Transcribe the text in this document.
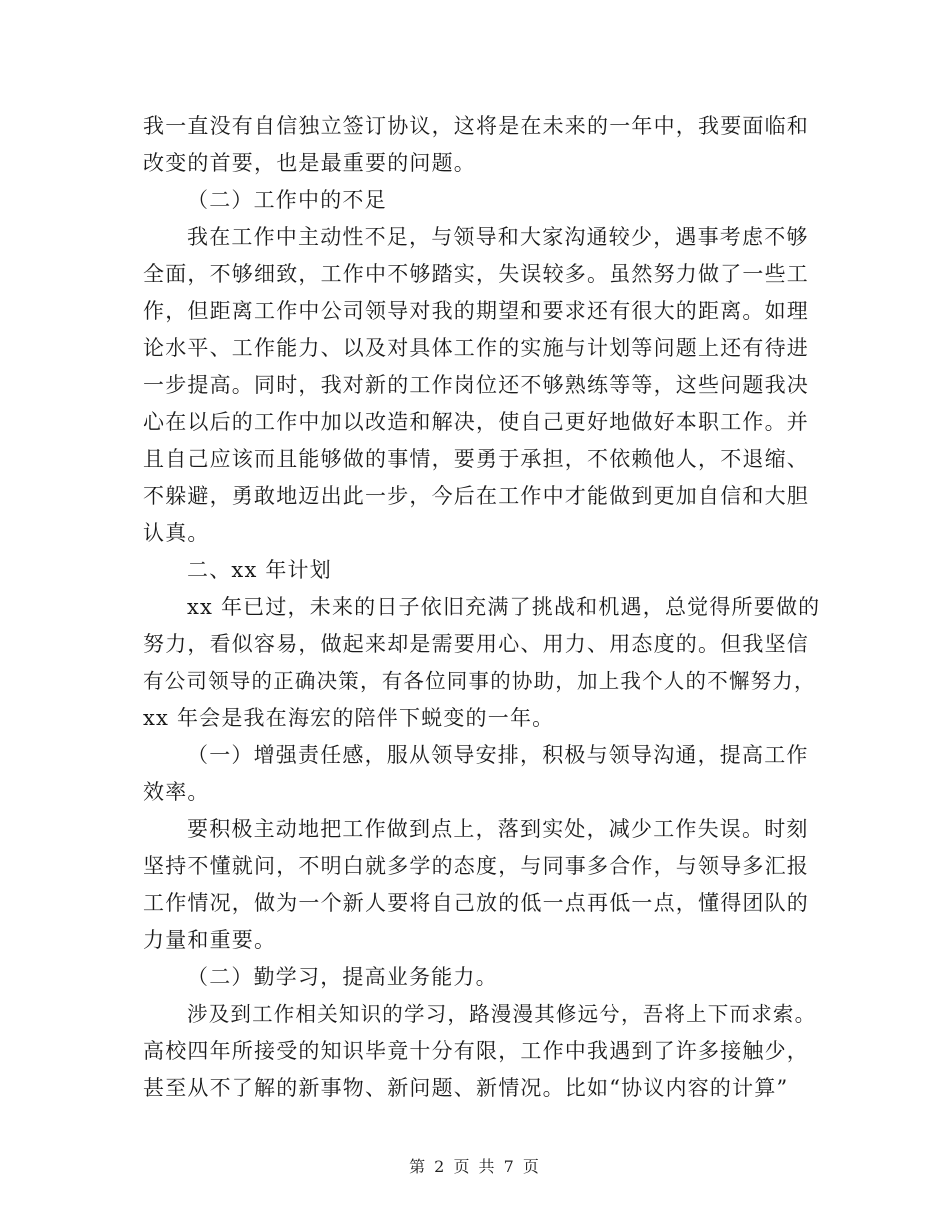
我一直没有自信独立签订协议，这将是在未来的一年中，我要面临和
改变的首要，也是最重要的问题。
（二）工作中的不足
我在工作中主动性不足，与领导和大家沟通较少，遇事考虑不够
全面，不够细致，工作中不够踏实，失误较多。虽然努力做了一些工
作，但距离工作中公司领导对我的期望和要求还有很大的距离。如理
论水平、工作能力、以及对具体工作的实施与计划等问题上还有待进
一步提高。同时，我对新的工作岗位还不够熟练等等，这些问题我决
心在以后的工作中加以改造和解决，使自己更好地做好本职工作。并
且自己应该而且能够做的事情，要勇于承担，不依赖他人，不退缩、
不躲避，勇敢地迈出此一步，今后在工作中才能做到更加自信和大胆
认真。
二、xx 年计划
xx 年已过，未来的日子依旧充满了挑战和机遇，总觉得所要做的
努力，看似容易，做起来却是需要用心、用力、用态度的。但我坚信
有公司领导的正确决策，有各位同事的协助，加上我个人的不懈努力，
xx 年会是我在海宏的陪伴下蜕变的一年。
（一）增强责任感，服从领导安排，积极与领导沟通，提高工作
效率。
要积极主动地把工作做到点上，落到实处，减少工作失误。时刻
坚持不懂就问，不明白就多学的态度，与同事多合作，与领导多汇报
工作情况，做为一个新人要将自己放的低一点再低一点，懂得团队的
力量和重要。
（二）勤学习，提高业务能力。
涉及到工作相关知识的学习，路漫漫其修远兮，吾将上下而求索。
高校四年所接受的知识毕竟十分有限，工作中我遇到了许多接触少，
甚至从不了解的新事物、新问题、新情况。比如“协议内容的计算”
第 2 页 共 7 页
